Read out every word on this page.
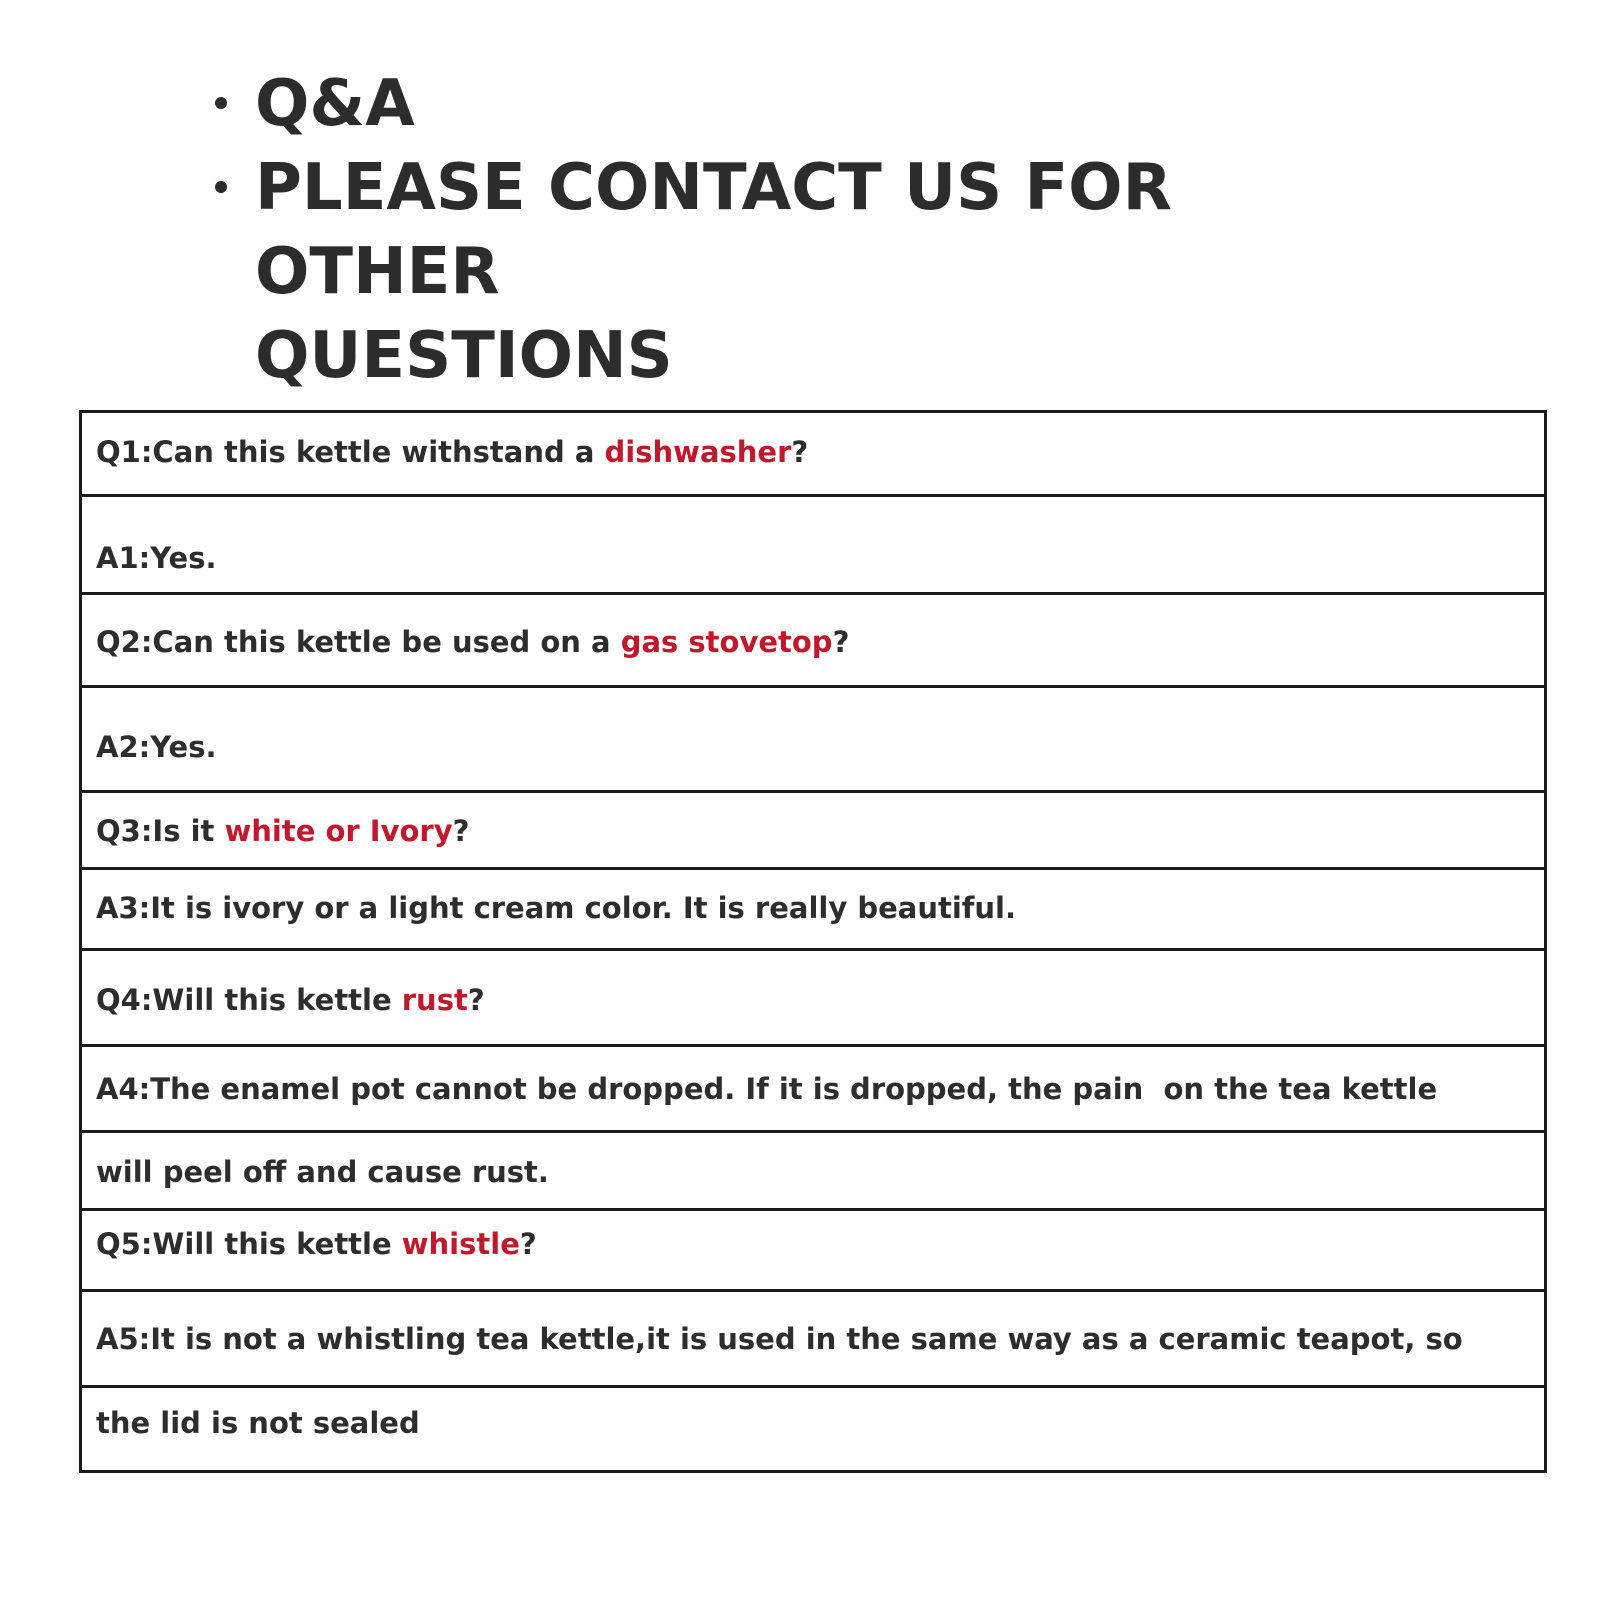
Q&A
PLEASE CONTACT US FOR OTHER
QUESTIONS
Q1:Can this kettle withstand a dishwasher?
A1:Yes.
Q2:Can this kettle be used on a gas stovetop?
A2:Yes.
Q3:Is it white or Ivory?
A3:It is ivory or a light cream color. It is really beautiful.
Q4:Will this kettle rust?
A4:The enamel pot cannot be dropped. If it is dropped, the pain  on the tea kettle
will peel off and cause rust.
Q5:Will this kettle whistle?
A5:It is not a whistling tea kettle,it is used in the same way as a ceramic teapot, so
the lid is not sealed
